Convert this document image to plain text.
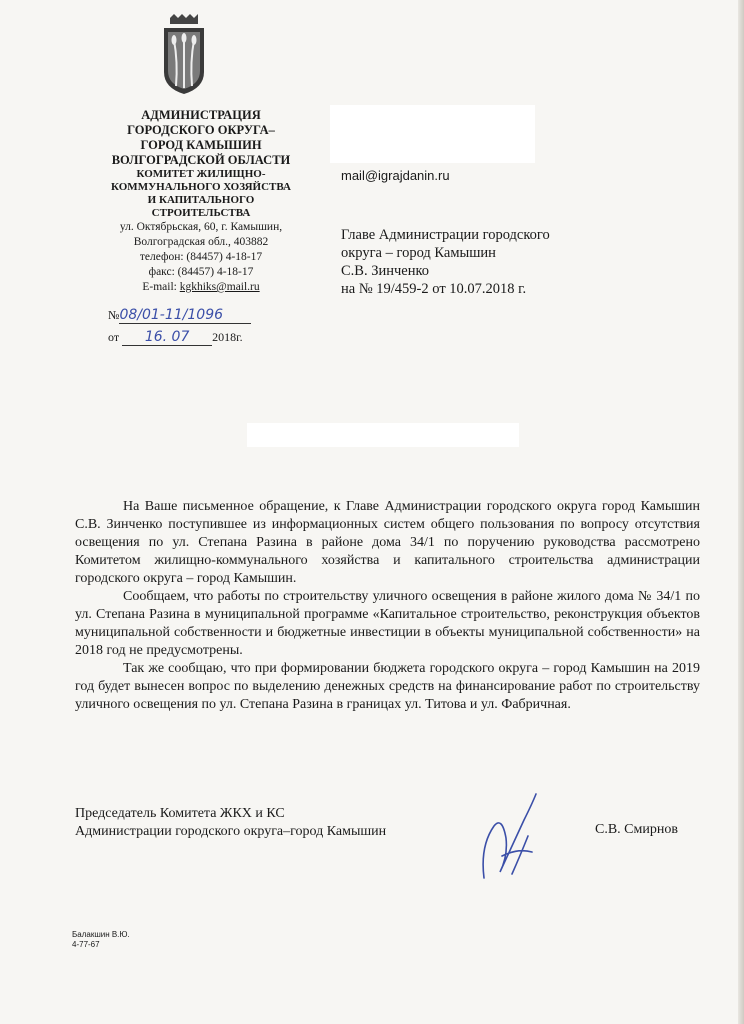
АДМИНИСТРАЦИЯ
ГОРОДСКОГО ОКРУГА–
ГОРОД КАМЫШИН
ВОЛГОГРАДСКОЙ ОБЛАСТИ
КОМИТЕТ ЖИЛИЩНО-
КОММУНАЛЬНОГО ХОЗЯЙСТВА
И КАПИТАЛЬНОГО
СТРОИТЕЛЬСТВА
ул. Октябрьская, 60, г. Камышин,
Волгоградская обл., 403882
телефон: (84457) 4-18-17
факс: (84457) 4-18-17
E-mail: kgkhiks@mail.ru
№08/01-11/1096
от 16. 07 2018г.
mail@igrajdanin.ru
Главе Администрации городского
округа – город Камышин
С.В. Зинченко
на № 19/459-2 от 10.07.2018 г.

На Ваше письменное обращение, к Главе Администрации городского округа город Камышин С.В. Зинченко поступившее из информационных систем общего пользования по вопросу отсутствия освещения по ул. Степана Разина в районе дома 34/1 по поручению руководства рассмотрено Комитетом жилищно-коммунального хозяйства и капитального строительства администрации городского округа – город Камышин.

Сообщаем, что работы по строительству уличного освещения в районе жилого дома № 34/1 по ул. Степана Разина в муниципальной программе «Капитальное строительство, реконструкция объектов муниципальной собственности и бюджетные инвестиции в объекты муниципальной собственности» на 2018 год не предусмотрены.

Так же сообщаю, что при формировании бюджета городского округа – город Камышин на 2019 год будет вынесен вопрос по выделению денежных средств на финансирование работ по строительству уличного освещения по ул. Степана Разина в границах ул. Титова и ул. Фабричная.

Председатель Комитета ЖКХ и КС
Администрации городского округа–город Камышин	С.В. Смирнов
Балакшин В.Ю.
4-77-67
